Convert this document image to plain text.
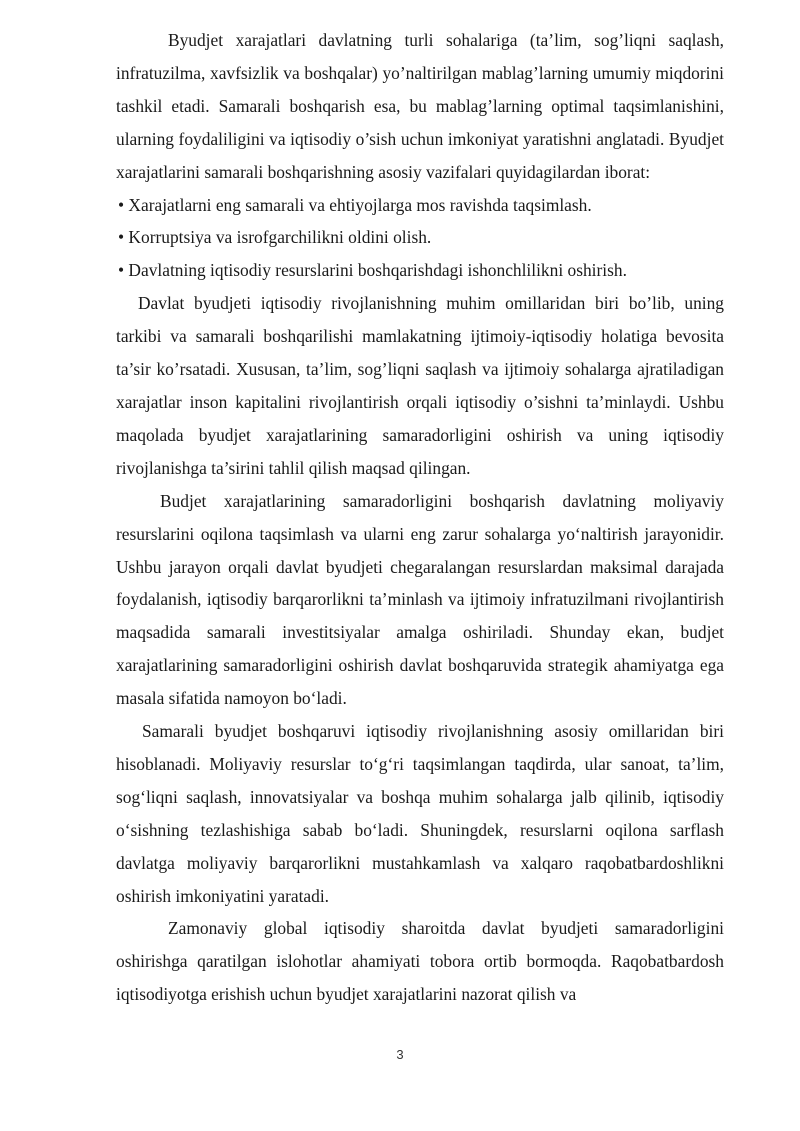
Byudjet xarajatlari davlatning turli sohalariga (ta’lim, sog’liqni saqlash, infratuzilma, xavfsizlik va boshqalar) yo’naltirilgan mablag’larning umumiy miqdorini tashkil etadi. Samarali boshqarish esa, bu mablag’larning optimal taqsimlanishini, ularning foydaliligini va iqtisodiy o’sish uchun imkoniyat yaratishni anglatadi. Byudjet xarajatlarini samarali boshqarishning asosiy vazifalari quyidagilardan iborat:

• Xarajatlarni eng samarali va ehtiyojlarga mos ravishda taqsimlash.
• Korruptsiya va isrofgarchilikni oldini olish.
• Davlatning iqtisodiy resurslarini boshqarishdagi ishonchlilikni oshirish.

Davlat byudjeti iqtisodiy rivojlanishning muhim omillaridan biri bo’lib, uning tarkibi va samarali boshqarilishi mamlakatning ijtimoiy-iqtisodiy holatiga bevosita ta’sir ko’rsatadi. Xususan, ta’lim, sog’liqni saqlash va ijtimoiy sohalarga ajratiladigan xarajatlar inson kapitalini rivojlantirish orqali iqtisodiy o’sishni ta’minlaydi. Ushbu maqolada byudjet xarajatlarining samaradorligini oshirish va uning iqtisodiy rivojlanishga ta’sirini tahlil qilish maqsad qilingan.

Budjet xarajatlarining samaradorligini boshqarish davlatning moliyaviy resurslarini oqilona taqsimlash va ularni eng zarur sohalarga yo‘naltirish jarayonidir. Ushbu jarayon orqali davlat byudjeti chegaralangan resurslardan maksimal darajada foydalanish, iqtisodiy barqarorlikni ta’minlash va ijtimoiy infratuzilmani rivojlantirish maqsadida samarali investitsiyalar amalga oshiriladi. Shunday ekan, budjet xarajatlarining samaradorligini oshirish davlat boshqaruvida strategik ahamiyatga ega masala sifatida namoyon bo‘ladi.

Samarali byudjet boshqaruvi iqtisodiy rivojlanishning asosiy omillaridan biri hisoblanadi. Moliyaviy resurslar to‘g‘ri taqsimlangan taqdirda, ular sanoat, ta’lim, sog‘liqni saqlash, innovatsiyalar va boshqa muhim sohalarga jalb qilinib, iqtisodiy o‘sishning tezlashishiga sabab bo‘ladi. Shuningdek, resurslarni oqilona sarflash davlatga moliyaviy barqarorlikni mustahkamlash va xalqaro raqobatbardoshlikni oshirish imkoniyatini yaratadi.

Zamonaviy global iqtisodiy sharoitda davlat byudjeti samaradorligini oshirishga qaratilgan islohotlar ahamiyati tobora ortib bormoqda. Raqobatbardosh iqtisodiyotga erishish uchun byudjet xarajatlarini nazorat qilish va

3
